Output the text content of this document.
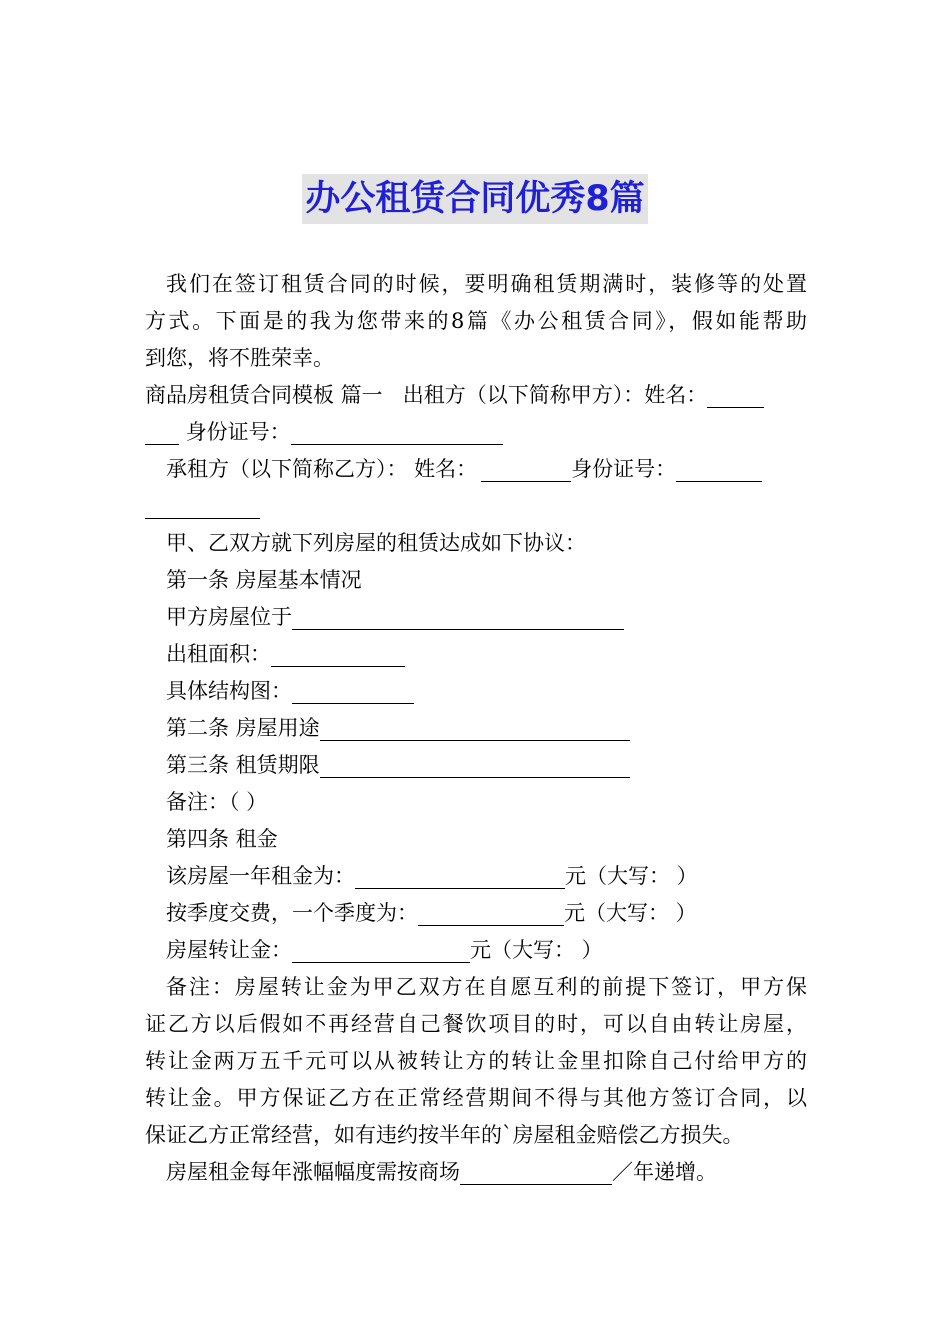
办公租赁合同优秀8篇
我们在签订租赁合同的时候，要明确租赁期满时，装修等的处置
方式。下面是的我为您带来的8篇《办公租赁合同》，假如能帮助
到您，将不胜荣幸。
商品房租赁合同模板 篇一 出租方（以下简称甲方）：姓名：
身份证号：
承租方（以下简称乙方）： 姓名：	身份证号：
甲、乙双方就下列房屋的租赁达成如下协议：
第一条 房屋基本情况
甲方房屋位于
出租面积：
具体结构图：
第二条 房屋用途
第三条 租赁期限
备注：（ ）
第四条 租金
该房屋一年租金为：	元（大写： ）
按季度交费，一个季度为：	元（大写： ）
房屋转让金：	元（大写： ）
备注：房屋转让金为甲乙双方在自愿互利的前提下签订，甲方保
证乙方以后假如不再经营自己餐饮项目的时，可以自由转让房屋，
转让金两万五千元可以从被转让方的转让金里扣除自己付给甲方的
转让金。甲方保证乙方在正常经营期间不得与其他方签订合同，以
保证乙方正常经营，如有违约按半年的`房屋租金赔偿乙方损失。
房屋租金每年涨幅幅度需按商场	／年递增。
